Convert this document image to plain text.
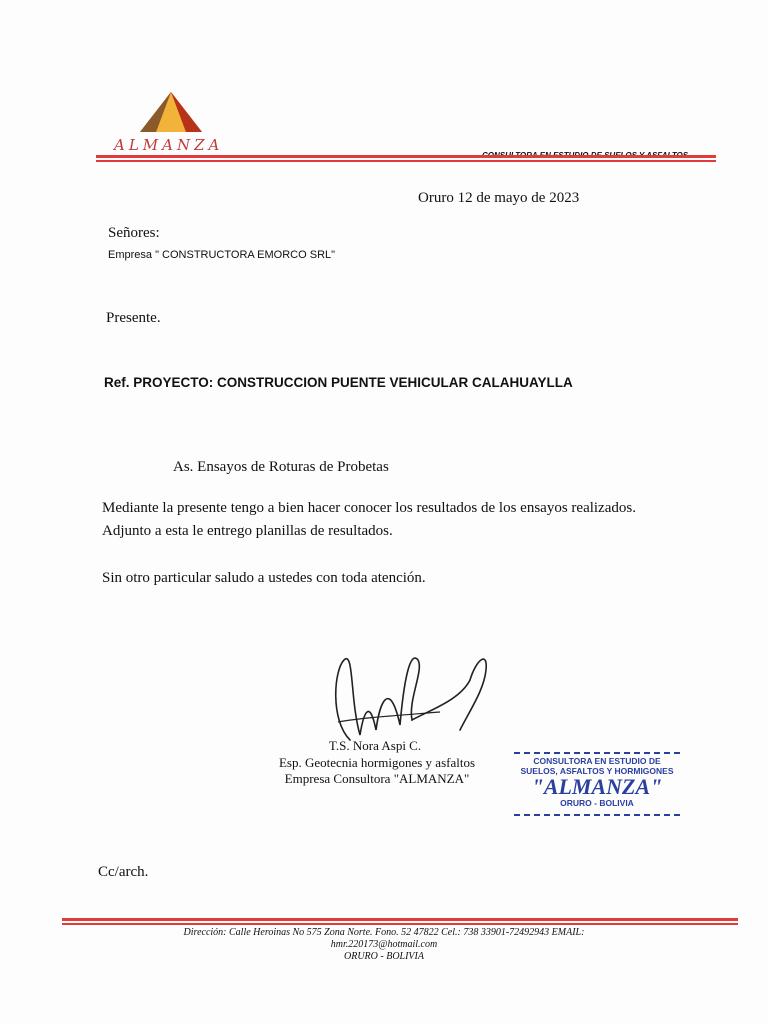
ALMANZA
Oruro 12 de mayo de 2023
Señores:
Empresa " CONSTRUCTORA EMORCO SRL"
Presente.
Ref. PROYECTO: CONSTRUCCION PUENTE VEHICULAR CALAHUAYLLA
As. Ensayos de Roturas de Probetas
Mediante la presente tengo a bien hacer conocer los resultados de los ensayos realizados.
Adjunto a esta le entrego planillas de resultados.
Sin otro particular saludo a ustedes con toda atención.
T.S. Nora Aspi C.
Esp. Geotecnia hormigones y asfaltos
Empresa Consultora "ALMANZA"
CONSULTORA EN ESTUDIO DE
SUELOS, ASFALTOS Y HORMIGONES
"ALMANZA"
ORURO - BOLIVIA
Cc/arch.
Dirección: Calle Heroinas No 575 Zona Norte. Fono. 52 47822 Cel.: 738 33901-72492943 EMAIL:
hmr.220173@hotmail.com
ORURO - BOLIVIA
